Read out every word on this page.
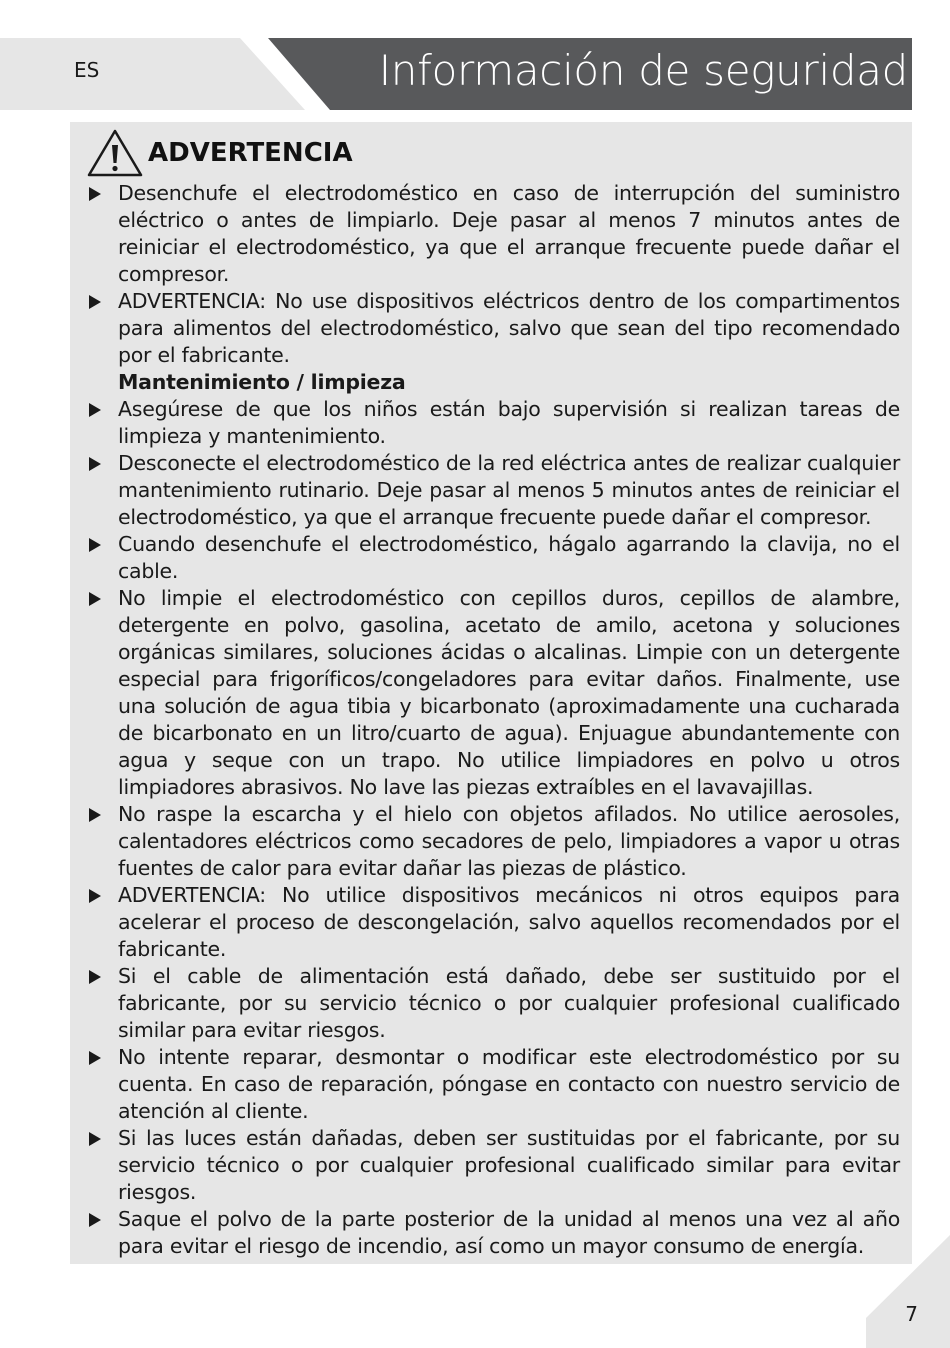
ES	Información de seguridad
ADVERTENCIA
Desenchufe el electrodoméstico en caso de interrupción del suministro eléctrico o antes de limpiarlo. Deje pasar al menos 7 minutos antes de reiniciar el electrodoméstico, ya que el arranque frecuente puede dañar el compresor.
ADVERTENCIA: No use dispositivos eléctricos dentro de los compartimentos para alimentos del electrodoméstico, salvo que sean del tipo recomendado por el fabricante.
Mantenimiento / limpieza
Asegúrese de que los niños están bajo supervisión si realizan tareas de limpieza y mantenimiento.
Desconecte el electrodoméstico de la red eléctrica antes de realizar cualquier mantenimiento rutinario. Deje pasar al menos 5 minutos antes de reiniciar el electrodoméstico, ya que el arranque frecuente puede dañar el compresor.
Cuando desenchufe el electrodoméstico, hágalo agarrando la clavija, no el cable.
No limpie el electrodoméstico con cepillos duros, cepillos de alambre, detergente en polvo, gasolina, acetato de amilo, acetona y soluciones orgánicas similares, soluciones ácidas o alcalinas. Limpie con un detergente especial para frigoríficos/congeladores para evitar daños. Finalmente, use una solución de agua tibia y bicarbonato (aproximadamente una cucharada de bicarbonato en un litro/cuarto de agua). Enjuague abundantemente con agua y seque con un trapo. No utilice limpiadores en polvo u otros limpiadores abrasivos. No lave las piezas extraíbles en el lavavajillas.
No raspe la escarcha y el hielo con objetos afilados. No utilice aerosoles, calentadores eléctricos como secadores de pelo, limpiadores a vapor u otras fuentes de calor para evitar dañar las piezas de plástico.
ADVERTENCIA: No utilice dispositivos mecánicos ni otros equipos para acelerar el proceso de descongelación, salvo aquellos recomendados por el fabricante.
Si el cable de alimentación está dañado, debe ser sustituido por el fabricante, por su servicio técnico o por cualquier profesional cualificado similar para evitar riesgos.
No intente reparar, desmontar o modificar este electrodoméstico por su cuenta. En caso de reparación, póngase en contacto con nuestro servicio de atención al cliente.
Si las luces están dañadas, deben ser sustituidas por el fabricante, por su servicio técnico o por cualquier profesional cualificado similar para evitar riesgos.
Saque el polvo de la parte posterior de la unidad al menos una vez al año para evitar el riesgo de incendio, así como un mayor consumo de energía.
7
